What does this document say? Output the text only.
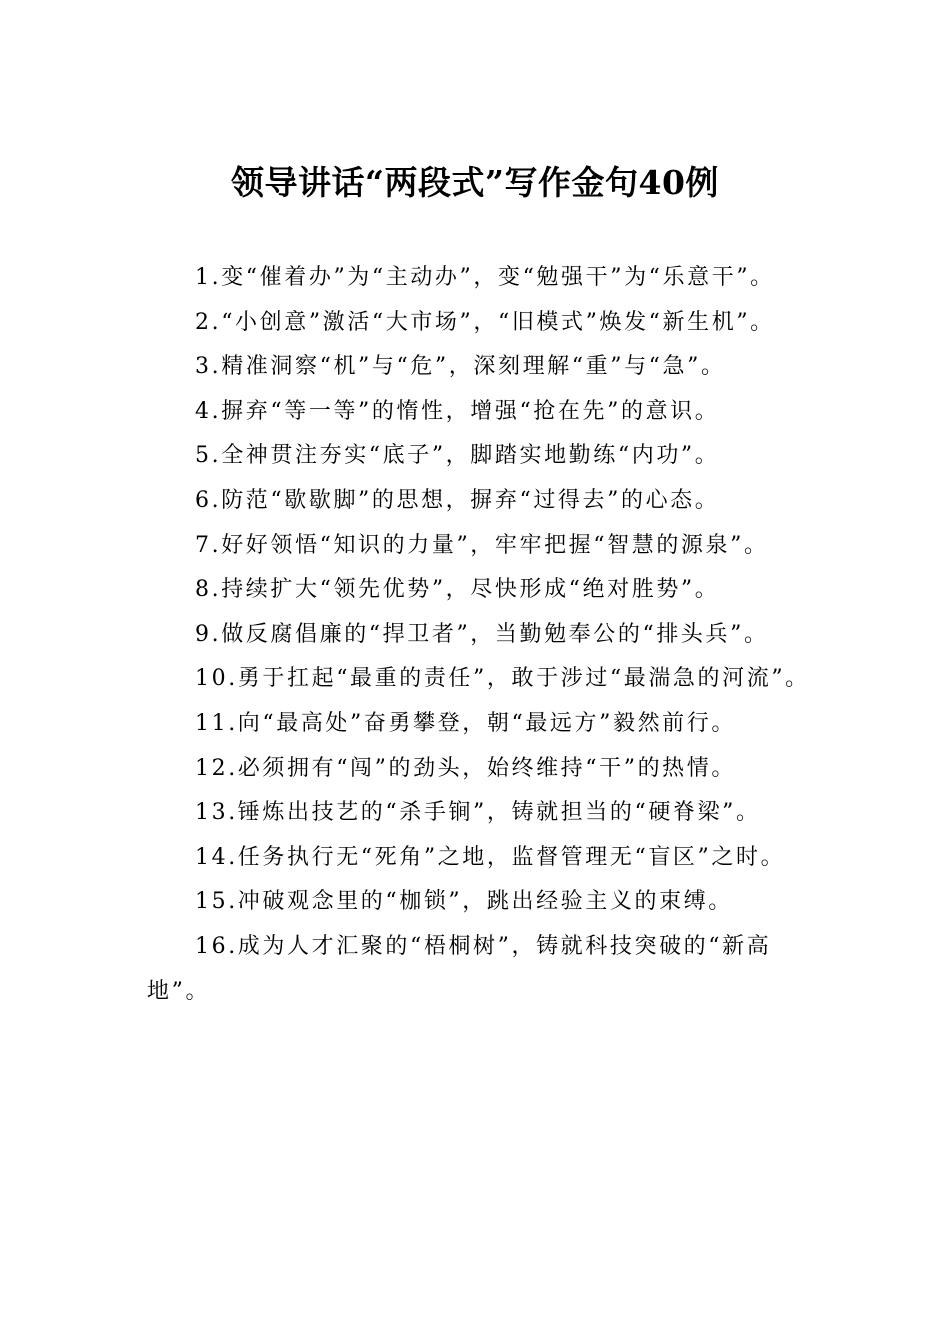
领导讲话“两段式”写作金句40例

1.变“催着办”为“主动办”，变“勉强干”为“乐意干”。

2.“小创意”激活“大市场”，“旧模式”焕发“新生机”。

3.精准洞察“机”与“危”，深刻理解“重”与“急”。

4.摒弃“等一等”的惰性，增强“抢在先”的意识。

5.全神贯注夯实“底子”，脚踏实地勤练“内功”。

6.防范“歇歇脚”的思想，摒弃“过得去”的心态。

7.好好领悟“知识的力量”，牢牢把握“智慧的源泉”。

8.持续扩大“领先优势”，尽快形成“绝对胜势”。

9.做反腐倡廉的“捍卫者”，当勤勉奉公的“排头兵”。

10.勇于扛起“最重的责任”，敢于涉过“最湍急的河流”。

11.向“最高处”奋勇攀登，朝“最远方”毅然前行。

12.必须拥有“闯”的劲头，始终维持“干”的热情。

13.锤炼出技艺的“杀手锏”，铸就担当的“硬脊梁”。

14.任务执行无“死角”之地，监督管理无“盲区”之时。

15.冲破观念里的“枷锁”，跳出经验主义的束缚。

16.成为人才汇聚的“梧桐树”，铸就科技突破的“新高地”。
